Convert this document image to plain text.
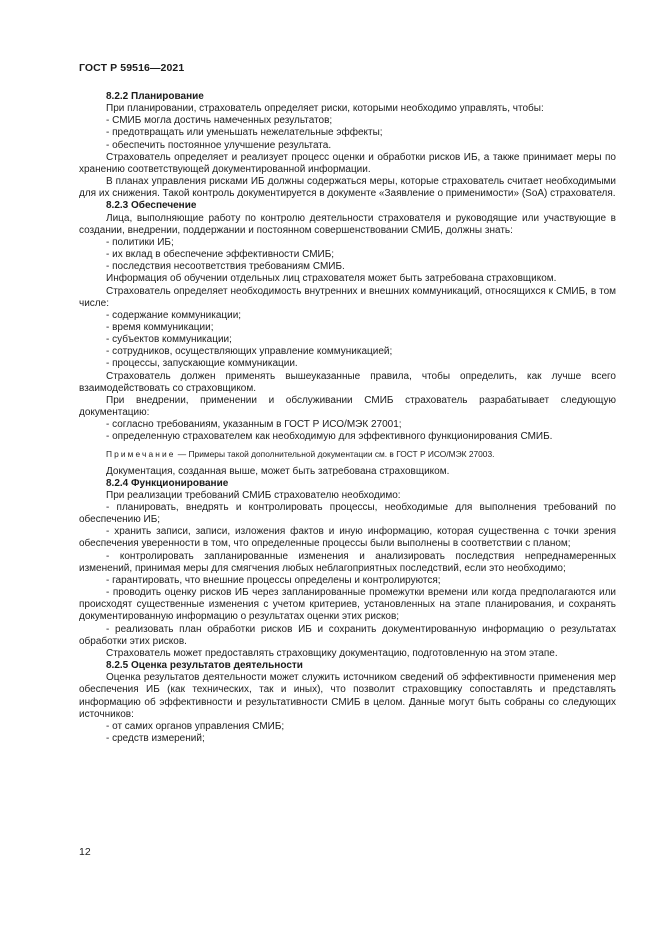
ГОСТ Р 59516—2021

8.2.2 Планирование

При планировании, страхователь определяет риски, которыми необходимо управлять, чтобы:

- СМИБ могла достичь намеченных результатов;

- предотвращать или уменьшать нежелательные эффекты;

- обеспечить постоянное улучшение результата.

Страхователь определяет и реализует процесс оценки и обработки рисков ИБ, а также принимает меры по хранению соответствующей документированной информации.

В планах управления рисками ИБ должны содержаться меры, которые страхователь считает необходимыми для их снижения. Такой контроль документируется в документе «Заявление о применимости» (SoA) страхователя.

8.2.3 Обеспечение

Лица, выполняющие работу по контролю деятельности страхователя и руководящие или участвующие в создании, внедрении, поддержании и постоянном совершенствовании СМИБ, должны знать:

- политики ИБ;

- их вклад в обеспечение эффективности СМИБ;

- последствия несоответствия требованиям СМИБ.

Информация об обучении отдельных лиц страхователя может быть затребована страховщиком.

Страхователь определяет необходимость внутренних и внешних коммуникаций, относящихся к СМИБ, в том числе:

- содержание коммуникации;

- время коммуникации;

- субъектов коммуникации;

- сотрудников, осуществляющих управление коммуникацией;

- процессы, запускающие коммуникации.

Страхователь должен применять вышеуказанные правила, чтобы определить, как лучше всего взаимодействовать со страховщиком.

При внедрении, применении и обслуживании СМИБ страхователь разрабатывает следующую документацию:

- согласно требованиям, указанным в ГОСТ Р ИСО/МЭК 27001;

- определенную страхователем как необходимую для эффективного функционирования СМИБ.

Примечание — Примеры такой дополнительной документации см. в ГОСТ Р ИСО/МЭК 27003.

Документация, созданная выше, может быть затребована страховщиком.

8.2.4 Функционирование

При реализации требований СМИБ страхователю необходимо:

- планировать, внедрять и контролировать процессы, необходимые для выполнения требований по обеспечению ИБ;

- хранить записи, записи, изложения фактов и иную информацию, которая существенна с точки зрения обеспечения уверенности в том, что определенные процессы были выполнены в соответствии с планом;

- контролировать запланированные изменения и анализировать последствия непреднамеренных изменений, принимая меры для смягчения любых неблагоприятных последствий, если это необходимо;

- гарантировать, что внешние процессы определены и контролируются;

- проводить оценку рисков ИБ через запланированные промежутки времени или когда предполагаются или происходят существенные изменения с учетом критериев, установленных на этапе планирования, и сохранять документированную информацию о результатах оценки этих рисков;

- реализовать план обработки рисков ИБ и сохранить документированную информацию о результатах обработки этих рисков.

Страхователь может предоставлять страховщику документацию, подготовленную на этом этапе.

8.2.5 Оценка результатов деятельности

Оценка результатов деятельности может служить источником сведений об эффективности применения мер обеспечения ИБ (как технических, так и иных), что позволит страховщику сопоставлять и представлять информацию об эффективности и результативности СМИБ в целом. Данные могут быть собраны со следующих источников:

- от самих органов управления СМИБ;

- средств измерений;

12
